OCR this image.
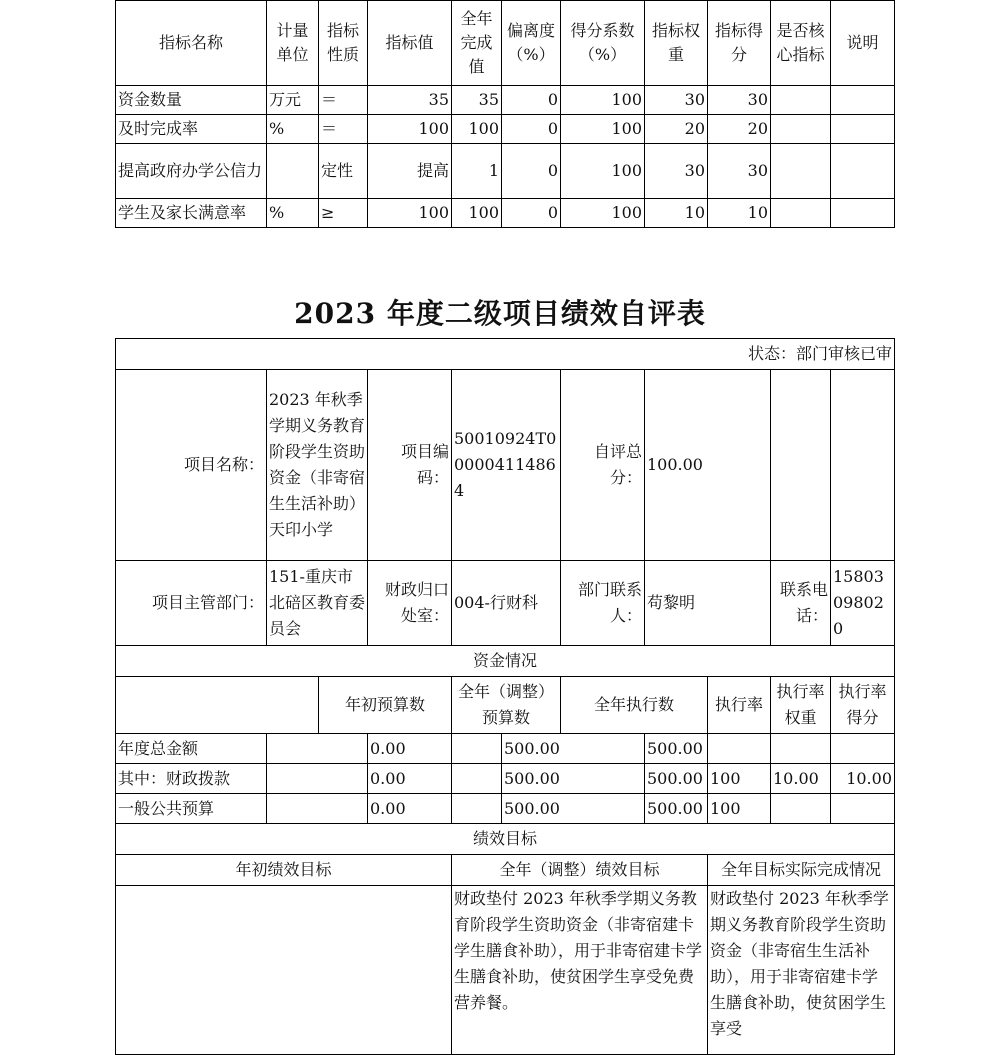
指标名称	计量单位	指标性质	指标值	全年完成值	偏离度（%）	得分系数（%）	指标权重	指标得分	是否核心指标	说明
资金数量	万元	＝	35	35	0	100	30	30		
及时完成率	%	＝	100	100	0	100	20	20		
提高政府办学公信力		定性	提高	1	0	100	30	30		
学生及家长满意率	%	≥	100	100	0	100	10	10		
2023 年度二级项目绩效自评表
状态：部门审核已审										
项目名称：	2023 年秋季学期义务教育阶段学生资助资金（非寄宿生生活补助）天印小学		项目编码：	50010924T000004114864		自评总分：	100.00			
项目主管部门：	151-重庆市北碚区教育委员会		财政归口处室：	004-行财科		部门联系人：	苟黎明		联系电话：	15803098020
资金情况										
		年初预算数		全年（调整）预算数		全年执行数		执行率	执行率权重	执行率得分
年度总金额			0.00		500.00		500.00			
其中：财政拨款			0.00		500.00		500.00	100	10.00	10.00
一般公共预算			0.00		500.00		500.00	100		
绩效目标										
年初绩效目标				全年（调整）绩效目标				全年目标实际完成情况		
				财政垫付 2023 年秋季学期义务教育阶段学生资助资金（非寄宿建卡学生膳食补助），用于非寄宿建卡学生膳食补助，使贫困学生享受免费营养餐。				财政垫付 2023 年秋季学期义务教育阶段学生资助资金（非寄宿生生活补助），用于非寄宿建卡学生膳食补助，使贫困学生享受		
